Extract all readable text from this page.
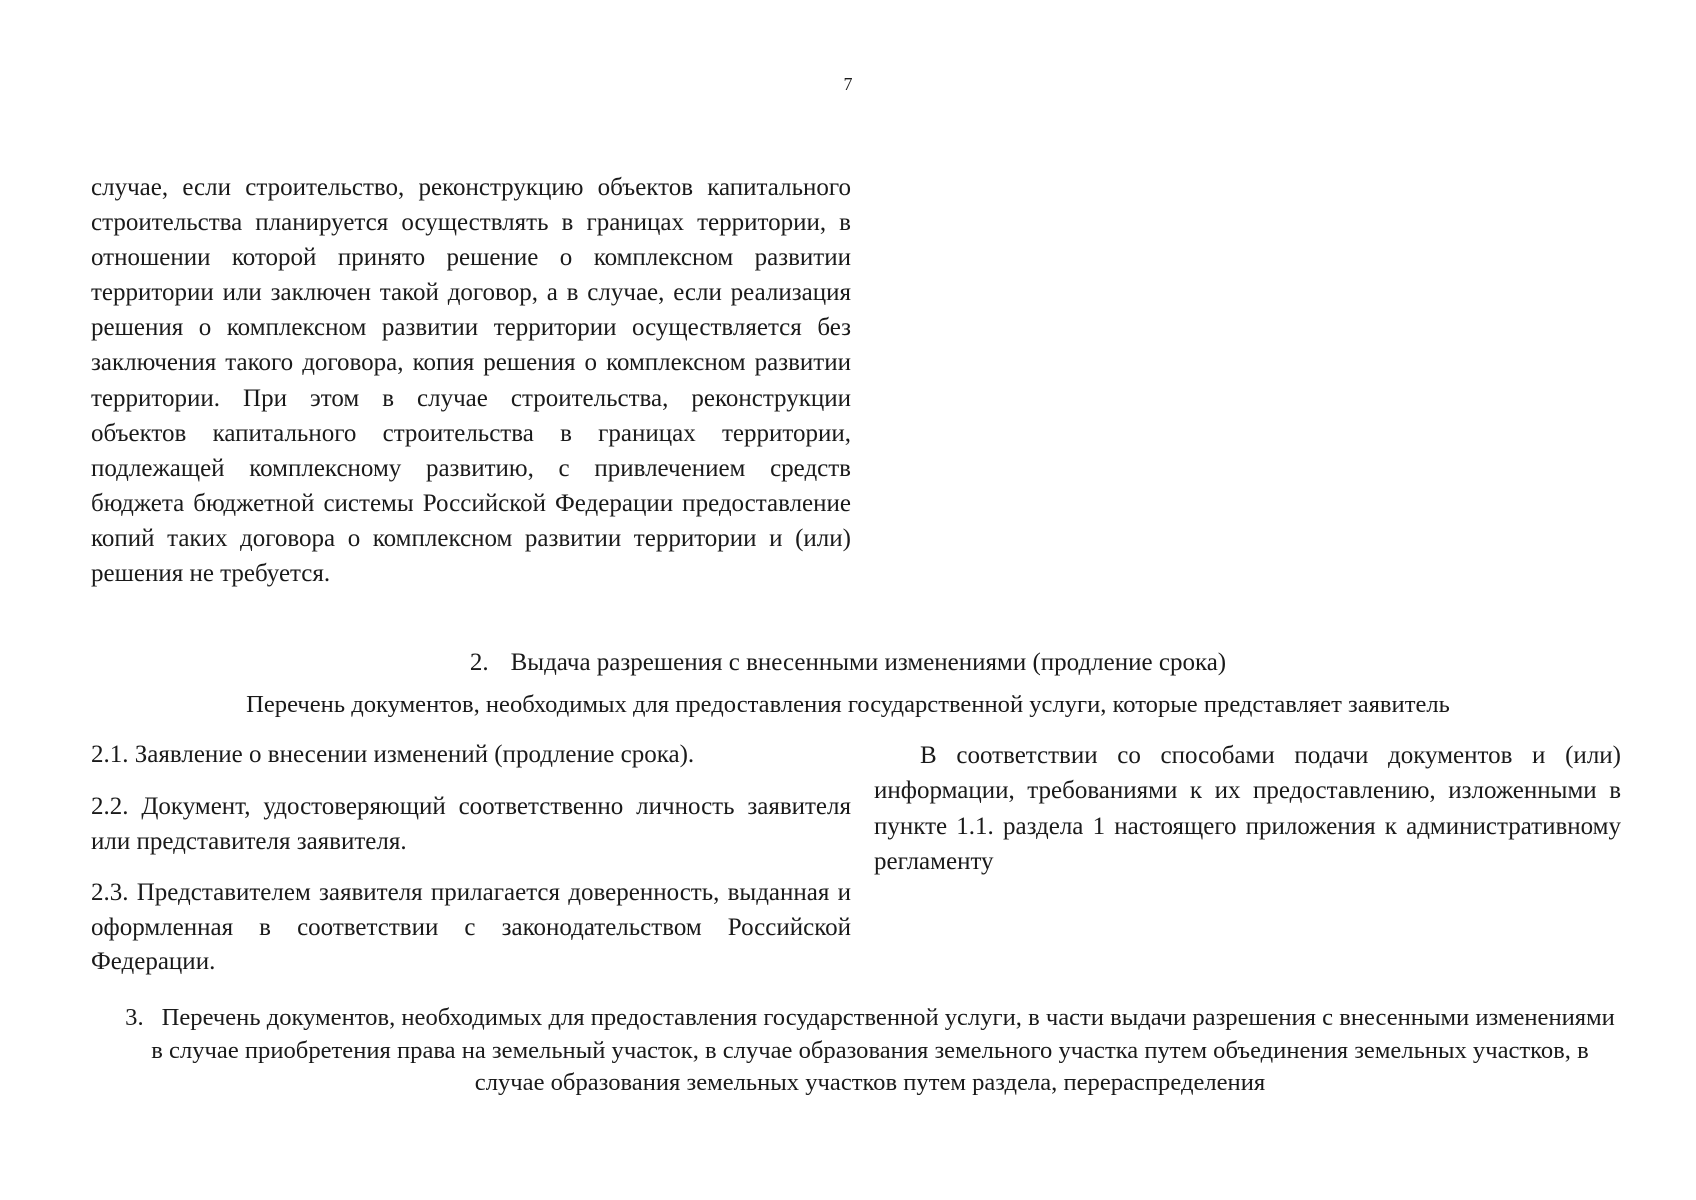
7
случае, если строительство, реконструкцию объектов капитального строительства планируется осуществлять в границах территории, в отношении которой принято решение о комплексном развитии территории или заключен такой договор, а в случае, если реализация решения о комплексном развитии территории осуществляется без заключения такого договора, копия решения о комплексном развитии территории. При этом в случае строительства, реконструкции объектов капитального строительства в границах территории, подлежащей комплексному развитию, с привлечением средств бюджета бюджетной системы Российской Федерации предоставление копий таких договора о комплексном развитии территории и (или) решения не требуется.
2. Выдача разрешения с внесенными изменениями (продление срока)
Перечень документов, необходимых для предоставления государственной услуги, которые представляет заявитель

2.1. Заявление о внесении изменений (продление срока).

2.2. Документ, удостоверяющий соответственно личность заявителя или представителя заявителя.

2.3. Представителем заявителя прилагается доверенность, выданная и оформленная в соответствии с законодательством Российской Федерации.

В соответствии со способами подачи документов и (или) информации, требованиями к их предоставлению, изложенными в пункте 1.1. раздела 1 настоящего приложения к административному регламенту
3. Перечень документов, необходимых для предоставления государственной услуги, в части выдачи разрешения с внесенными изменениями в случае приобретения права на земельный участок, в случае образования земельного участка путем объединения земельных участков, в случае образования земельных участков путем раздела, перераспределения
